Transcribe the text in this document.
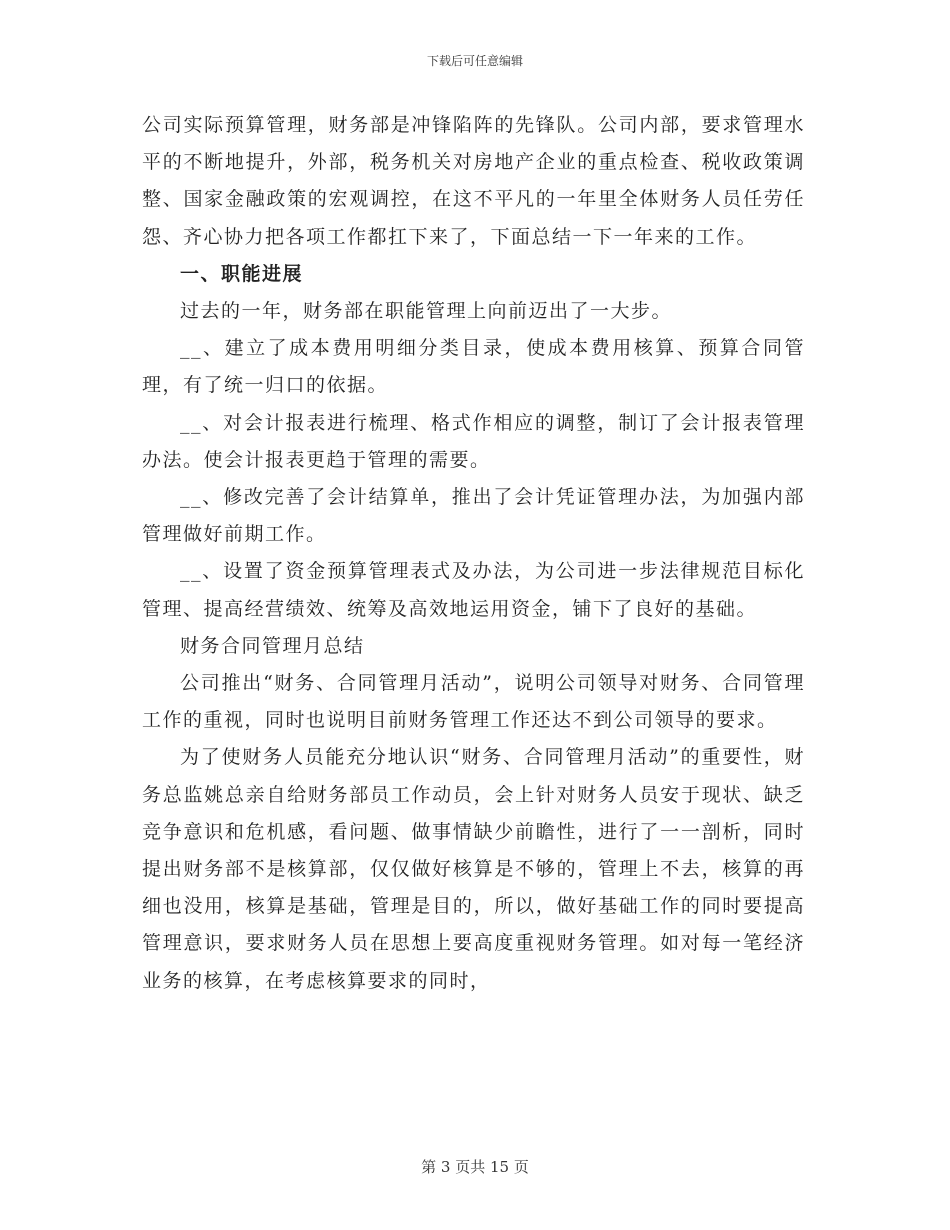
下载后可任意编辑

公司实际预算管理，财务部是冲锋陷阵的先锋队。公司内部，要求管理水平的不断地提升，外部，税务机关对房地产企业的重点检查、税收政策调整、国家金融政策的宏观调控，在这不平凡的一年里全体财务人员任劳任怨、齐心协力把各项工作都扛下来了，下面总结一下一年来的工作。

一、职能进展

过去的一年，财务部在职能管理上向前迈出了一大步。

__、建立了成本费用明细分类目录，使成本费用核算、预算合同管理，有了统一归口的依据。

__、对会计报表进行梳理、格式作相应的调整，制订了会计报表管理办法。使会计报表更趋于管理的需要。

__、修改完善了会计结算单，推出了会计凭证管理办法，为加强内部管理做好前期工作。

__、设置了资金预算管理表式及办法，为公司进一步法律规范目标化管理、提高经营绩效、统筹及高效地运用资金，铺下了良好的基础。

财务合同管理月总结

公司推出“财务、合同管理月活动”，说明公司领导对财务、合同管理工作的重视，同时也说明目前财务管理工作还达不到公司领导的要求。

为了使财务人员能充分地认识“财务、合同管理月活动”的重要性，财务总监姚总亲自给财务部员工作动员，会上针对财务人员安于现状、缺乏竞争意识和危机感，看问题、做事情缺少前瞻性，进行了一一剖析，同时提出财务部不是核算部，仅仅做好核算是不够的，管理上不去，核算的再细也没用，核算是基础，管理是目的，所以，做好基础工作的同时要提高管理意识，要求财务人员在思想上要高度重视财务管理。如对每一笔经济业务的核算，在考虑核算要求的同时，

第 3 页共 15 页
